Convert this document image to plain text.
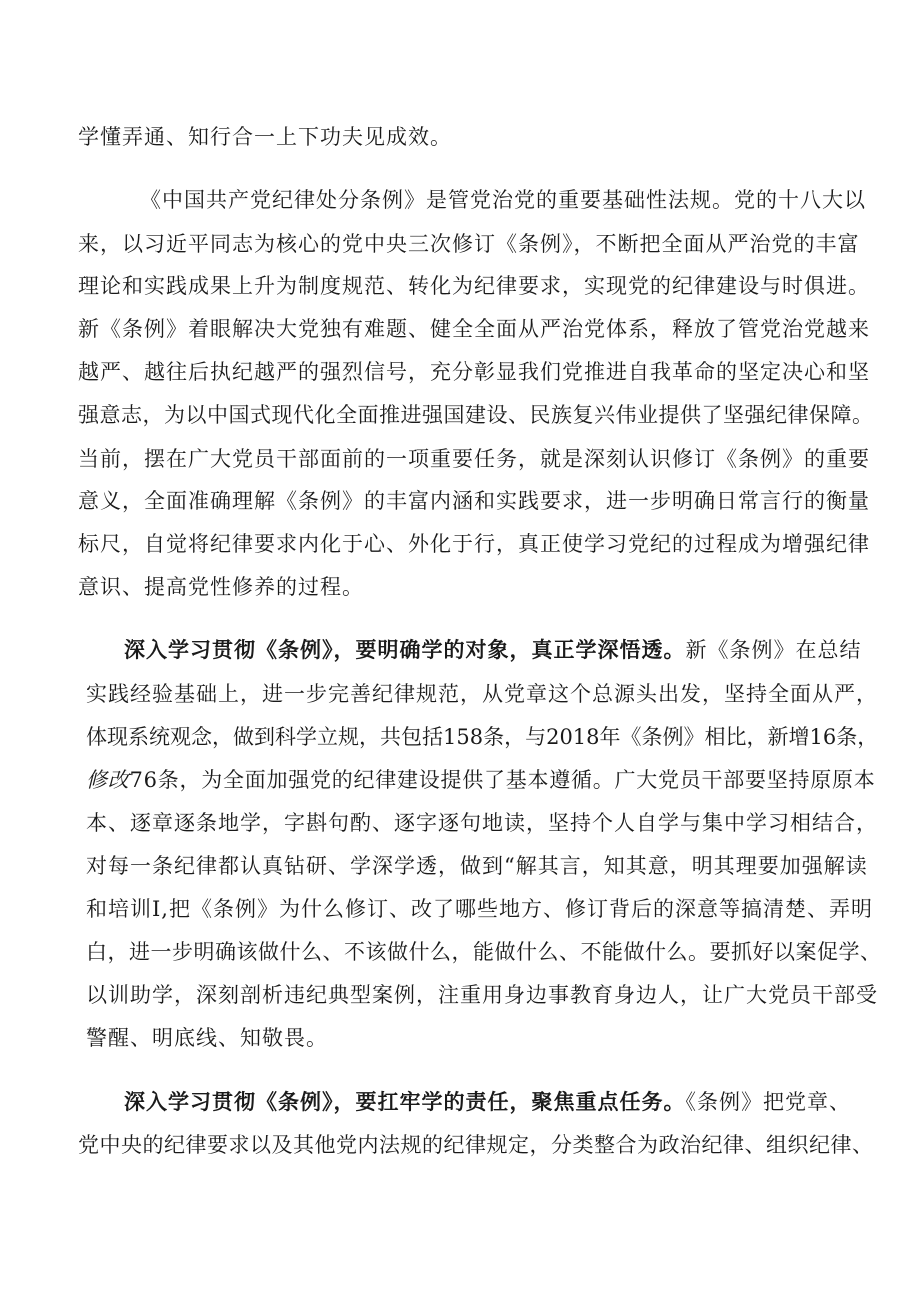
学懂弄通、知行合一上下功夫见成效。
《中国共产党纪律处分条例》是管党治党的重要基础性法规。党的十八大以
来，以习近平同志为核心的党中央三次修订《条例》，不断把全面从严治党的丰富
理论和实践成果上升为制度规范、转化为纪律要求，实现党的纪律建设与时俱进。
新《条例》着眼解决大党独有难题、健全全面从严治党体系，释放了管党治党越来
越严、越往后执纪越严的强烈信号，充分彰显我们党推进自我革命的坚定决心和坚
强意志，为以中国式现代化全面推进强国建设、民族复兴伟业提供了坚强纪律保障。
当前，摆在广大党员干部面前的一项重要任务，就是深刻认识修订《条例》的重要
意义，全面准确理解《条例》的丰富内涵和实践要求，进一步明确日常言行的衡量
标尺，自觉将纪律要求内化于心、外化于行，真正使学习党纪的过程成为增强纪律
意识、提高党性修养的过程。
深入学习贯彻《条例》，要明确学的对象，真正学深悟透。新《条例》在总结
实践经验基础上，进一步完善纪律规范，从党章这个总源头出发，坚持全面从严，
体现系统观念，做到科学立规，共包括158条，与2018年《条例》相比，新增16条，
修改76条，为全面加强党的纪律建设提供了基本遵循。广大党员干部要坚持原原本
本、逐章逐条地学，字斟句酌、逐字逐句地读，坚持个人自学与集中学习相结合，
对每一条纪律都认真钻研、学深学透，做到“解其言，知其意，明其理要加强解读
和培训Ⅰ,把《条例》为什么修订、改了哪些地方、修订背后的深意等搞清楚、弄明
白，进一步明确该做什么、不该做什么，能做什么、不能做什么。要抓好以案促学、
以训助学，深刻剖析违纪典型案例，注重用身边事教育身边人，让广大党员干部受
警醒、明底线、知敬畏。
深入学习贯彻《条例》，要扛牢学的责任，聚焦重点任务。《条例》把党章、
党中央的纪律要求以及其他党内法规的纪律规定，分类整合为政治纪律、组织纪律、
